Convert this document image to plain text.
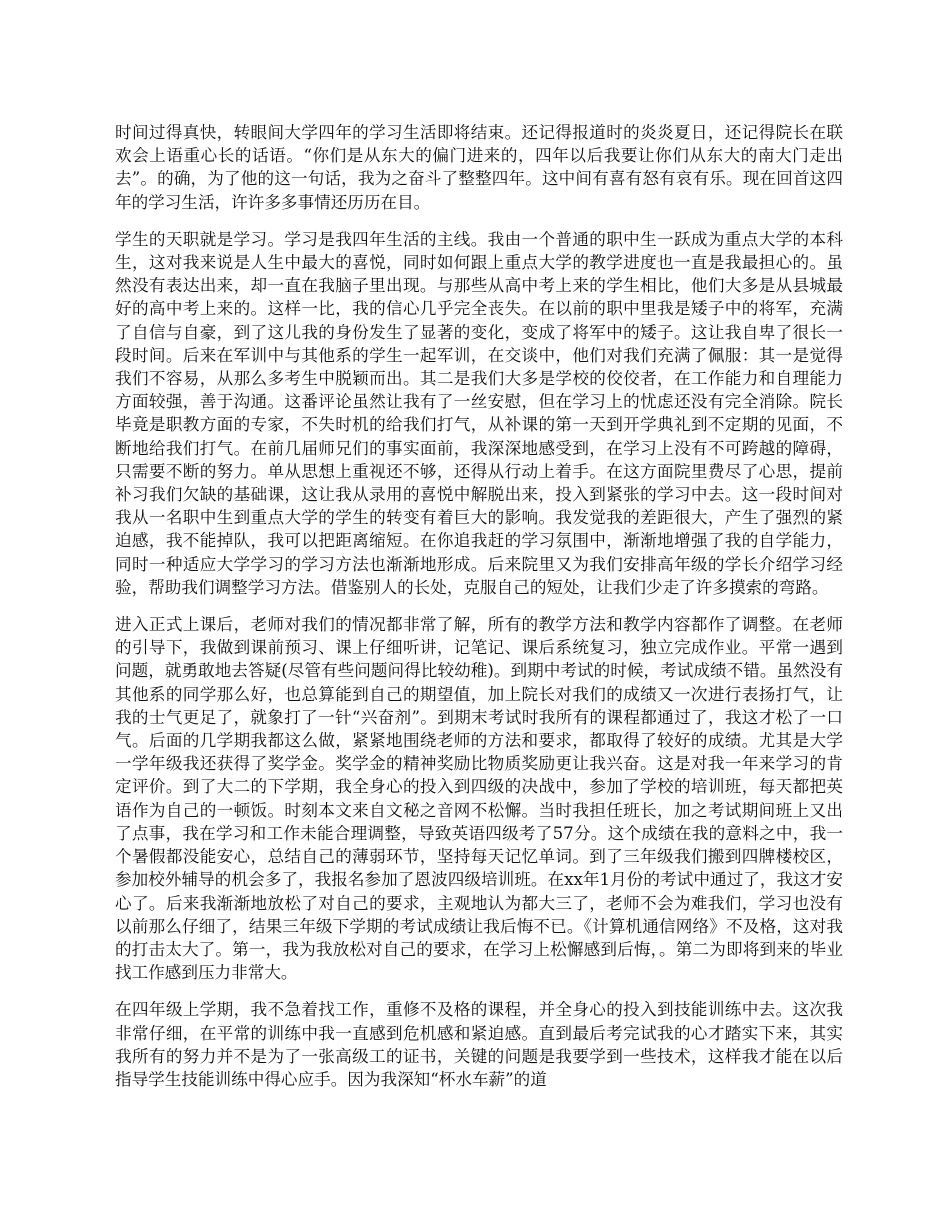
时间过得真快，转眼间大学四年的学习生活即将结束。还记得报道时的炎炎夏日，还记得院长在联欢会上语重心长的话语。“你们是从东大的偏门进来的，四年以后我要让你们从东大的南大门走出去”。的确，为了他的这一句话，我为之奋斗了整整四年。这中间有喜有怒有哀有乐。现在回首这四年的学习生活，许许多多事情还历历在目。

学生的天职就是学习。学习是我四年生活的主线。我由一个普通的职中生一跃成为重点大学的本科生，这对我来说是人生中最大的喜悦，同时如何跟上重点大学的教学进度也一直是我最担心的。虽然没有表达出来，却一直在我脑子里出现。与那些从高中考上来的学生相比，他们大多是从县城最好的高中考上来的。这样一比，我的信心几乎完全丧失。在以前的职中里我是矮子中的将军，充满了自信与自豪，到了这儿我的身份发生了显著的变化，变成了将军中的矮子。这让我自卑了很长一段时间。后来在军训中与其他系的学生一起军训，在交谈中，他们对我们充满了佩服：其一是觉得我们不容易，从那么多考生中脱颖而出。其二是我们大多是学校的佼佼者，在工作能力和自理能力方面较强，善于沟通。这番评论虽然让我有了一丝安慰，但在学习上的忧虑还没有完全消除。院长毕竟是职教方面的专家，不失时机的给我们打气，从补课的第一天到开学典礼到不定期的见面，不断地给我们打气。在前几届师兄们的事实面前，我深深地感受到，在学习上没有不可跨越的障碍，只需要不断的努力。单从思想上重视还不够，还得从行动上着手。在这方面院里费尽了心思，提前补习我们欠缺的基础课，这让我从录用的喜悦中解脱出来，投入到紧张的学习中去。这一段时间对我从一名职中生到重点大学的学生的转变有着巨大的影响。我发觉我的差距很大，产生了强烈的紧迫感，我不能掉队，我可以把距离缩短。在你追我赶的学习氛围中，渐渐地增强了我的自学能力，同时一种适应大学学习的学习方法也渐渐地形成。后来院里又为我们安排高年级的学长介绍学习经验，帮助我们调整学习方法。借鉴别人的长处，克服自己的短处，让我们少走了许多摸索的弯路。

进入正式上课后，老师对我们的情况都非常了解，所有的教学方法和教学内容都作了调整。在老师的引导下，我做到课前预习、课上仔细听讲，记笔记、课后系统复习，独立完成作业。平常一遇到问题，就勇敢地去答疑(尽管有些问题问得比较幼稚)。到期中考试的时候，考试成绩不错。虽然没有其他系的同学那么好，也总算能到自己的期望值，加上院长对我们的成绩又一次进行表扬打气，让我的士气更足了，就象打了一针“兴奋剂”。到期末考试时我所有的课程都通过了，我这才松了一口气。后面的几学期我都这么做，紧紧地围绕老师的方法和要求，都取得了较好的成绩。尤其是大学一学年级我还获得了奖学金。奖学金的精神奖励比物质奖励更让我兴奋。这是对我一年来学习的肯定评价。到了大二的下学期，我全身心的投入到四级的决战中，参加了学校的培训班，每天都把英语作为自己的一顿饭。时刻本文来自文秘之音网不松懈。当时我担任班长，加之考试期间班上又出了点事，我在学习和工作未能合理调整，导致英语四级考了57分。这个成绩在我的意料之中，我一个暑假都没能安心，总结自己的薄弱环节，坚持每天记忆单词。到了三年级我们搬到四牌楼校区，参加校外辅导的机会多了，我报名参加了恩波四级培训班。在xx年1月份的考试中通过了，我这才安心了。后来我渐渐地放松了对自己的要求，主观地认为都大三了，老师不会为难我们，学习也没有以前那么仔细了，结果三年级下学期的考试成绩让我后悔不已。《计算机通信网络》不及格，这对我的打击太大了。第一，我为我放松对自己的要求，在学习上松懈感到后悔，。第二为即将到来的毕业找工作感到压力非常大。

在四年级上学期，我不急着找工作，重修不及格的课程，并全身心的投入到技能训练中去。这次我非常仔细，在平常的训练中我一直感到危机感和紧迫感。直到最后考完试我的心才踏实下来，其实我所有的努力并不是为了一张高级工的证书，关键的问题是我要学到一些技术，这样我才能在以后指导学生技能训练中得心应手。因为我深知“杯水车薪”的道
